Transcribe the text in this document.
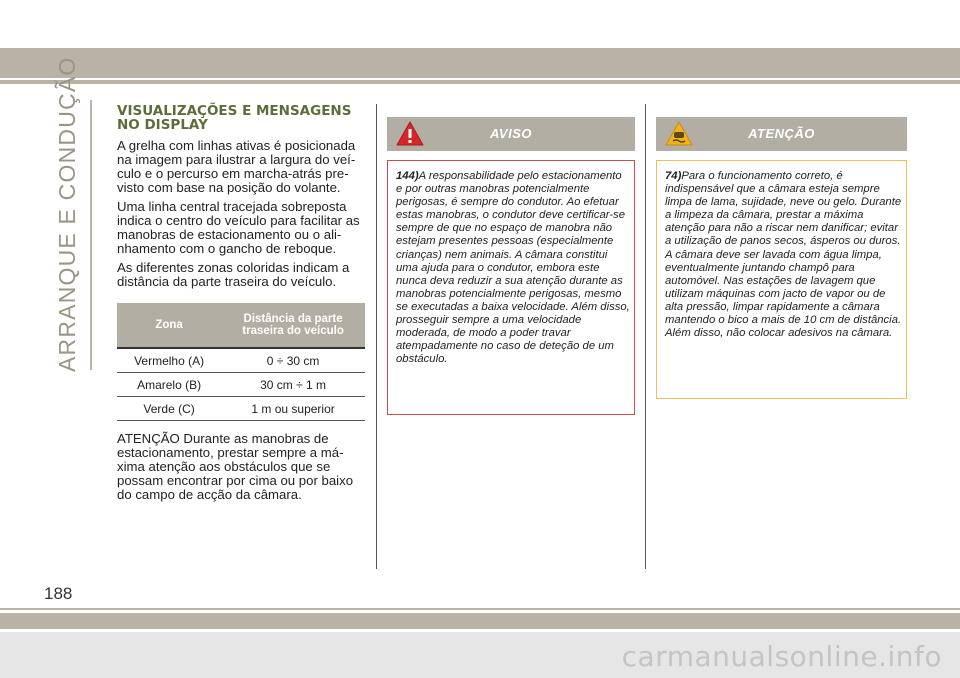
ARRANQUE E CONDUÇÃO	VISUALIZAÇÕES E MENSAGENS NO DISPLAY

A grelha com linhas ativas é posicionada na imagem para ilustrar a largura do veí-culo e o percurso em marcha-atrás pre-visto com base na posição do volante.

Uma linha central tracejada sobreposta indica o centro do veículo para facilitar as manobras de estacionamento ou o ali-nhamento com o gancho de reboque.

As diferentes zonas coloridas indicam a distância da parte traseira do veículo.

Zona	Distância da parte traseira do veículo
Vermelho (A)	0 ÷ 30 cm
Amarelo (B)	30 cm ÷ 1 m
Verde (C)	1 m ou superior

ATENÇÃO Durante as manobras de estacionamento, prestar sempre a má-xima atenção aos obstáculos que se possam encontrar por cima ou por baixo do campo de acção da câmara.

AVISO

144)A responsabilidade pelo estacionamento e por outras manobras potencialmente perigosas, é sempre do condutor. Ao efetuar estas manobras, o condutor deve certificar-se sempre de que no espaço de manobra não estejam presentes pessoas (especialmente crianças) nem animais. A câmara constitui uma ajuda para o condutor, embora este nunca deva reduzir a sua atenção durante as manobras potencialmente perigosas, mesmo se executadas a baixa velocidade. Além disso, prosseguir sempre a uma velocidade moderada, de modo a poder travar atempadamente no caso de deteção de um obstáculo.

ATENÇÃO

74)Para o funcionamento correto, é indispensável que a câmara esteja sempre limpa de lama, sujidade, neve ou gelo. Durante a limpeza da câmara, prestar a máxima atenção para não a riscar nem danificar; evitar a utilização de panos secos, ásperos ou duros. A câmara deve ser lavada com água limpa, eventualmente juntando champô para automóvel. Nas estações de lavagem que utilizam máquinas com jacto de vapor ou de alta pressão, limpar rapidamente a câmara mantendo o bico a mais de 10 cm de distância. Além disso, não colocar adesivos na câmara.

188
carmanualsonline.info
